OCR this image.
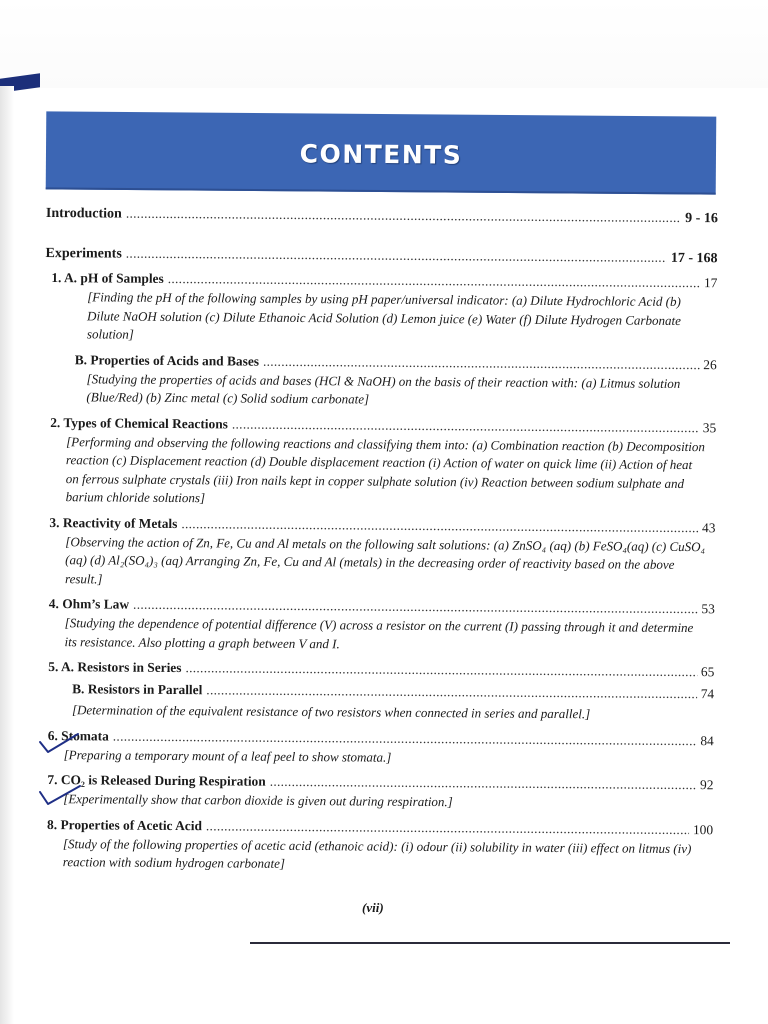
CONTENTS
Introduction .....	9 - 16
Experiments .....	17 - 168
1. A. pH of Samples .....	17
[Finding the pH of the following samples by using pH paper/universal indicator: (a) Dilute Hydrochloric Acid (b) Dilute NaOH solution (c) Dilute Ethanoic Acid Solution (d) Lemon juice (e) Water (f) Dilute Hydrogen Carbonate solution]
B. Properties of Acids and Bases .....	26
[Studying the properties of acids and bases (HCl & NaOH) on the basis of their reaction with: (a) Litmus solution (Blue/Red) (b) Zinc metal (c) Solid sodium carbonate]
2. Types of Chemical Reactions .....	35
[Performing and observing the following reactions and classifying them into: (a) Combination reaction (b) Decomposition reaction (c) Displacement reaction (d) Double displacement reaction (i) Action of water on quick lime (ii) Action of heat on ferrous sulphate crystals (iii) Iron nails kept in copper sulphate solution (iv) Reaction between sodium sulphate and barium chloride solutions]
3. Reactivity of Metals .....	43
[Observing the action of Zn, Fe, Cu and Al metals on the following salt solutions: (a) ZnSO₄ (aq) (b) FeSO₄(aq) (c) CuSO₄ (aq) (d) Al₂(SO₄)₃ (aq) Arranging Zn, Fe, Cu and Al (metals) in the decreasing order of reactivity based on the above result.]
4. Ohm’s Law .....	53
[Studying the dependence of potential difference (V) across a resistor on the current (I) passing through it and determine its resistance. Also plotting a graph between V and I.
5. A. Resistors in Series .....	65
B. Resistors in Parallel .....	74
[Determination of the equivalent resistance of two resistors when connected in series and parallel.]
6. Stomata .....	84
[Preparing a temporary mount of a leaf peel to show stomata.]
7. CO₂ is Released During Respiration .....	92
[Experimentally show that carbon dioxide is given out during respiration.]
8. Properties of Acetic Acid .....	100
[Study of the following properties of acetic acid (ethanoic acid): (i) odour (ii) solubility in water (iii) effect on litmus (iv) reaction with sodium hydrogen carbonate]
(vii)
